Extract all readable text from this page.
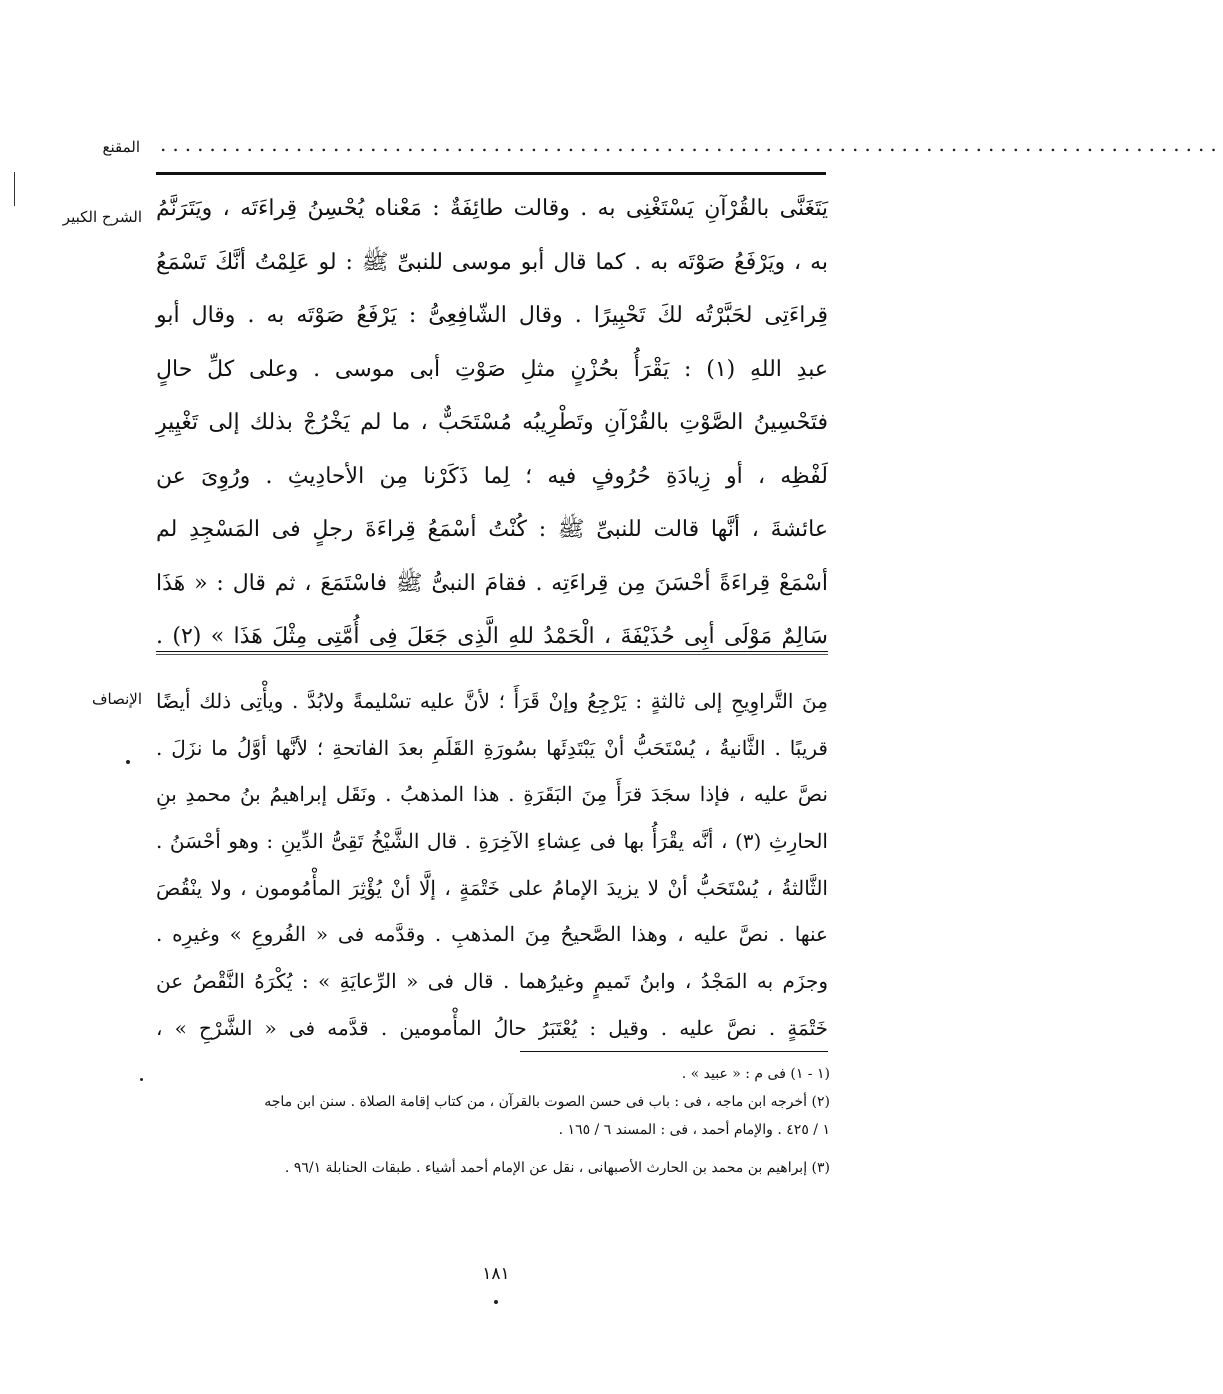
......................................................................................
المقنع
الشرح الكبير يَتَغَنَّى بالقُرْآنِ يَسْتَغْنِى به . وقالت طائِفَةٌ : مَعْناه يُحْسِنُ قِراءَتَه ، ويَتَرَنَّمُ
به ، ويَرْفَعُ صَوْتَه به . كما قال أبو موسى للنبىِّ ﷺ : لو عَلِمْتُ أنَّكَ تَسْمَعُ
قِراءَتِى لحَبَّرْتُه لكَ تَحْبِيرًا . وقال الشّافِعِىُّ : يَرْفَعُ صَوْتَه به . وقال أبو
عبدِ اللهِ (١) : يَقْرَأُ بحُزْنٍ مثلِ صَوْتِ أبى موسى . وعلى كلِّ حالٍ
فتَحْسِينُ الصَّوْتِ بالقُرْآنِ وتَطْرِيبُه مُسْتَحَبٌّ ، ما لم يَخْرُجْ بذلك إلى تَغْيِيرِ
لَفْظِه ، أو زِيادَةِ حُرُوفٍ فيه ؛ لِما ذَكَرْنا مِن الأحادِيثِ . ورُوِىَ عن
عائشةَ ، أنَّها قالت للنبىِّ ﷺ : كُنْتُ أسْمَعُ قِراءَةَ رجلٍ فى المَسْجِدِ لم
أسْمَعْ قِراءَةً أحْسَنَ مِن قِراءَتِه . فقامَ النبىُّ ﷺ فاسْتَمَعَ ، ثم قال : « هَذَا
سَالِمٌ مَوْلَى أبِى حُذَيْفَةَ ، الْحَمْدُ للهِ الَّذِى جَعَلَ فِى أُمَّتِى مِثْلَ هَذَا » (٢) .
الإنصاف مِنَ التَّراوِيحِ إلى ثالثةٍ : يَرْجِعُ وإنْ قَرَأَ ؛ لأنَّ عليه تسْليمةً ولابُدَّ . ويأْتِى ذلك أيضًا
قريبًا . الثَّانيةُ ، يُسْتَحَبُّ أنْ يَبْتَدِئَها بسُورَةِ القَلَمِ بعدَ الفاتحةِ ؛ لأنَّها أوَّلُ ما نزَلَ .
نصَّ عليه ، فإذا سجَدَ قرَأَ مِنَ البَقَرَةِ . هذا المذهبُ . ونَقَل إبراهيمُ بنُ محمدِ بنِ
الحارِثِ (٣) ، أنَّه يقْرَأُ بها فى عِشاءِ الآخِرَةِ . قال الشَّيْخُ تَقِىُّ الدِّينِ : وهو أحْسَنُ .
الثَّالثةُ ، يُسْتَحَبُّ أنْ لا يزيدَ الإمامُ على خَتْمَةٍ ، إلَّا أنْ يُؤْثِرَ المأْمُومون ، ولا ينْقُصَ
عنها . نصَّ عليه ، وهذا الصَّحيحُ مِنَ المذهبِ . وقدَّمه فى « الفُروعِ » وغيرِه .
وجزَم به المَجْدُ ، وابنُ تَميمٍ وغيرُهما . قال فى « الرِّعايَةِ » : يُكْرَهُ النَّقْصُ عن
خَتْمَةٍ . نصَّ عليه . وقيل : يُعْتَبَرُ حالُ المأْمومين . قدَّمه فى « الشَّرْحِ » ،
(١ - ١) فى م : « عبيد » .
(٢) أخرجه ابن ماجه ، فى : باب فى حسن الصوت بالقرآن ، من كتاب إقامة الصلاة . سنن ابن ماجه
١ / ٤٢٥ . والإمام أحمد ، فى : المسند ٦ / ١٦٥ .
(٣) إبراهيم بن محمد بن الحارث الأصبهانى ، نقل عن الإمام أحمد أشياء . طبقات الحنابلة ٩٦/١ .
١٨١
